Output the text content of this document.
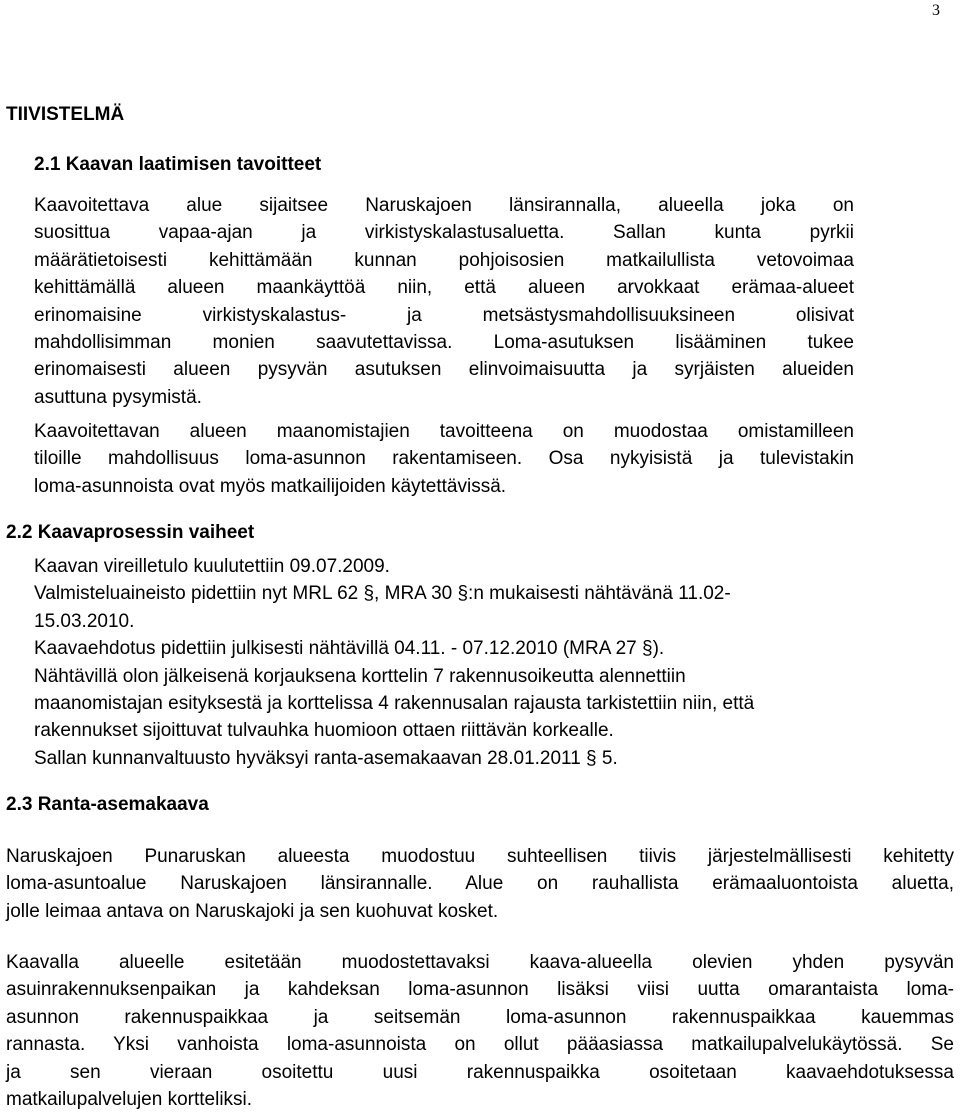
3
TIIVISTELMÄ
2.1 Kaavan laatimisen tavoitteet
Kaavoitettava alue sijaitsee Naruskajoen länsirannalla, alueella joka on
suosittua vapaa-ajan ja virkistyskalastusaluetta. Sallan kunta pyrkii
määrätietoisesti kehittämään kunnan pohjoisosien matkailullista vetovoimaa
kehittämällä alueen maankäyttöä niin, että alueen arvokkaat erämaa-alueet
erinomaisine virkistyskalastus- ja metsästysmahdollisuuksineen olisivat
mahdollisimman monien saavutettavissa. Loma-asutuksen lisääminen tukee
erinomaisesti alueen pysyvän asutuksen elinvoimaisuutta ja syrjäisten alueiden
asuttuna pysymistä.
Kaavoitettavan alueen maanomistajien tavoitteena on muodostaa omistamilleen
tiloille mahdollisuus loma-asunnon rakentamiseen. Osa nykyisistä ja tulevistakin
loma-asunnoista ovat myös matkailijoiden käytettävissä.
2.2 Kaavaprosessin vaiheet
Kaavan vireilletulo kuulutettiin 09.07.2009.
Valmisteluaineisto pidettiin nyt MRL 62 §, MRA 30 §:n mukaisesti nähtävänä 11.02-
15.03.2010.
Kaavaehdotus pidettiin julkisesti nähtävillä 04.11. - 07.12.2010 (MRA 27 §).
Nähtävillä olon jälkeisenä korjauksena korttelin 7 rakennusoikeutta alennettiin
maanomistajan esityksestä ja korttelissa 4 rakennusalan rajausta tarkistettiin niin, että
rakennukset sijoittuvat tulvauhka huomioon ottaen riittävän korkealle.
Sallan kunnanvaltuusto hyväksyi ranta-asemakaavan 28.01.2011 § 5.
2.3 Ranta-asemakaava
Naruskajoen Punaruskan alueesta muodostuu suhteellisen tiivis järjestelmällisesti kehitetty
loma-asuntoalue Naruskajoen länsirannalle. Alue on rauhallista erämaaluontoista aluetta,
jolle leimaa antava on Naruskajoki ja sen kuohuvat kosket.
Kaavalla alueelle esitetään muodostettavaksi kaava-alueella olevien yhden pysyvän
asuinrakennuksenpaikan ja kahdeksan loma-asunnon lisäksi viisi uutta omarantaista loma-
asunnon rakennuspaikkaa ja seitsemän loma-asunnon rakennuspaikkaa kauemmas
rannasta. Yksi vanhoista loma-asunnoista on ollut pääasiassa matkailupalvelukäytössä. Se
ja sen vieraan osoitettu uusi rakennuspaikka osoitetaan kaavaehdotuksessa
matkailupalvelujen kortteliksi.
